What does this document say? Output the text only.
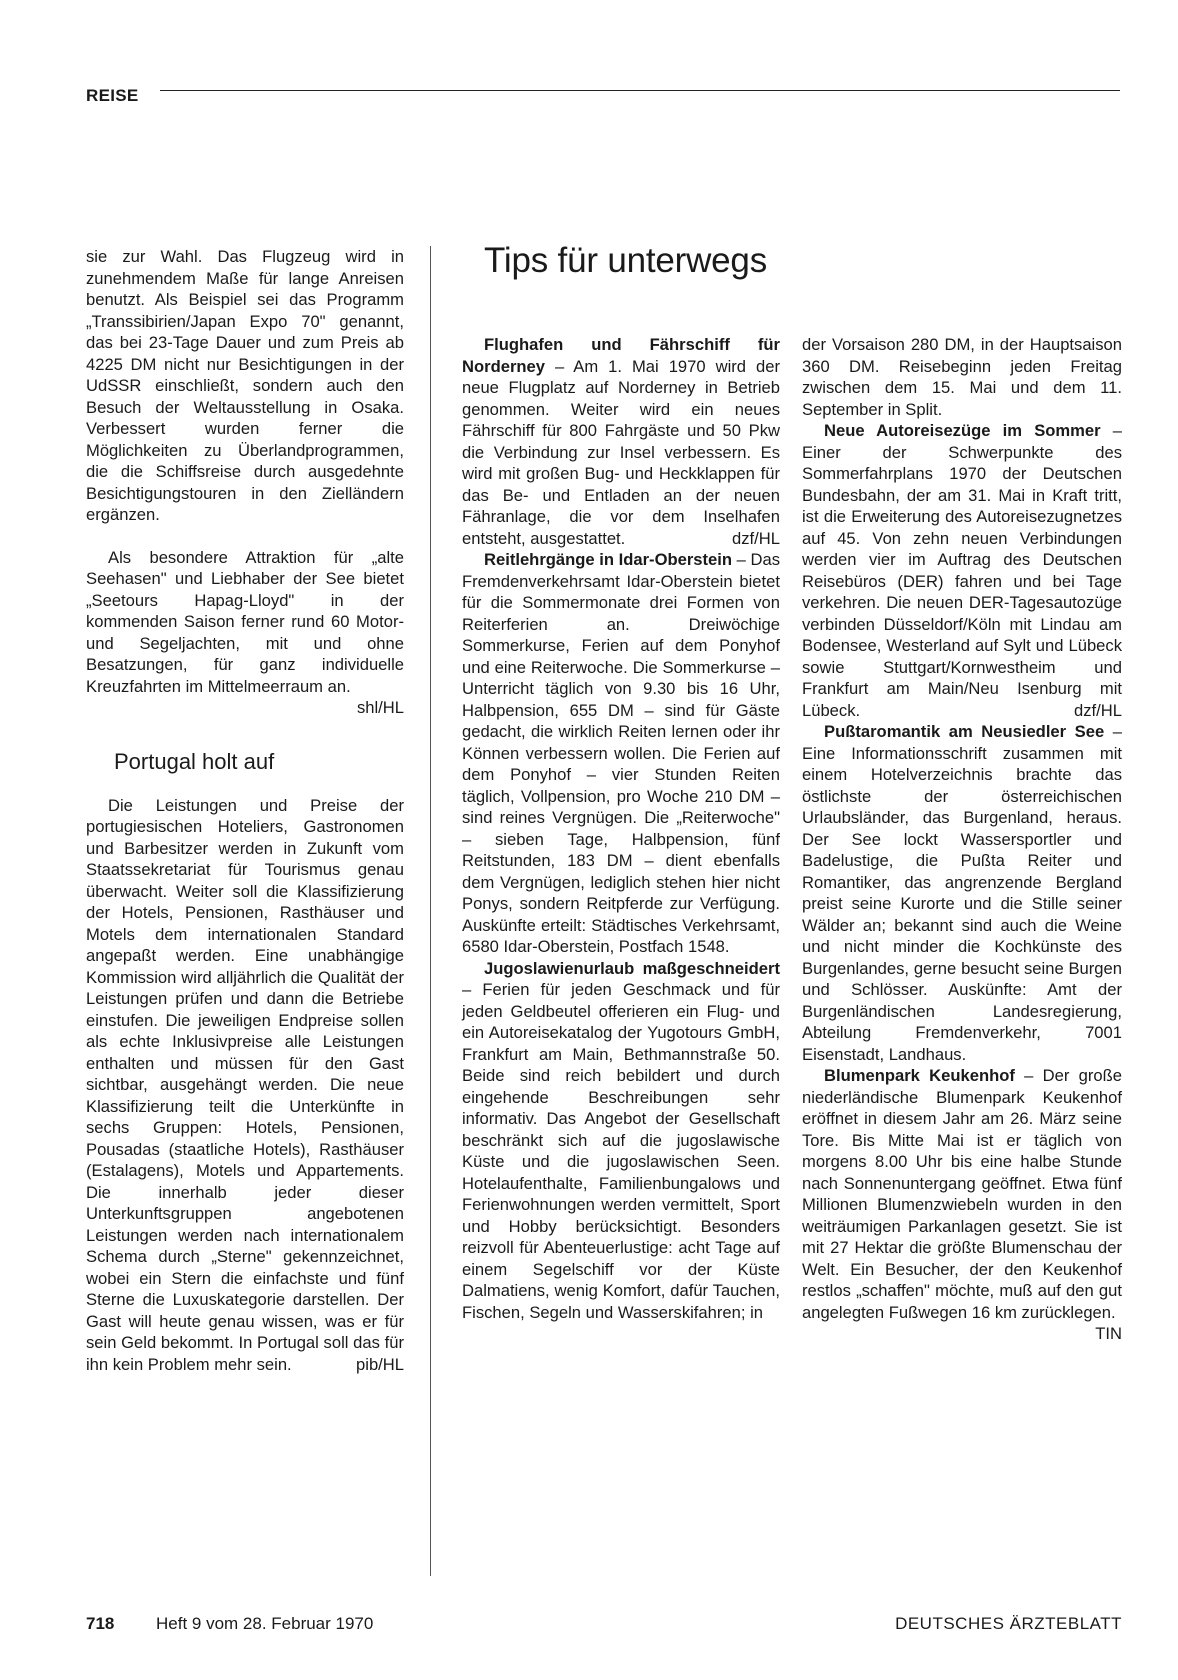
REISE

sie zur Wahl. Das Flugzeug wird in zunehmendem Maße für lange Anreisen benutzt. Als Beispiel sei das Programm „Transsibirien/Japan Expo 70" genannt, das bei 23-Tage Dauer und zum Preis ab 4225 DM nicht nur Besichtigungen in der UdSSR einschließt, sondern auch den Besuch der Weltausstellung in Osaka. Verbessert wurden ferner die Möglichkeiten zu Überlandprogrammen, die die Schiffsreise durch ausgedehnte Besichtigungstouren in den Zielländern ergänzen.

Als besondere Attraktion für „alte Seehasen" und Liebhaber der See bietet „Seetours Hapag-Lloyd" in der kommenden Saison ferner rund 60 Motor- und Segeljachten, mit und ohne Besatzungen, für ganz individuelle Kreuzfahrten im Mittelmeerraum an.
shl/HL

Portugal holt auf

Die Leistungen und Preise der portugiesischen Hoteliers, Gastronomen und Barbesitzer werden in Zukunft vom Staatssekretariat für Tourismus genau überwacht. Weiter soll die Klassifizierung der Hotels, Pensionen, Rasthäuser und Motels dem internationalen Standard angepaßt werden. Eine unabhängige Kommission wird alljährlich die Qualität der Leistungen prüfen und dann die Betriebe einstufen. Die jeweiligen Endpreise sollen als echte Inklusivpreise alle Leistungen enthalten und müssen für den Gast sichtbar, ausgehängt werden. Die neue Klassifizierung teilt die Unterkünfte in sechs Gruppen: Hotels, Pensionen, Pousadas (staatliche Hotels), Rasthäuser (Estalagens), Motels und Appartements. Die innerhalb jeder dieser Unterkunftsgruppen angebotenen Leistungen werden nach internationalem Schema durch „Sterne" gekennzeichnet, wobei ein Stern die einfachste und fünf Sterne die Luxuskategorie darstellen. Der Gast will heute genau wissen, was er für sein Geld bekommt. In Portugal soll das für ihn kein Problem mehr sein.	pib/HL

Tips für unterwegs

Flughafen und Fährschiff für Norderney – Am 1. Mai 1970 wird der neue Flugplatz auf Norderney in Betrieb genommen. Weiter wird ein neues Fährschiff für 800 Fahrgäste und 50 Pkw die Verbindung zur Insel verbessern. Es wird mit großen Bug- und Heckklappen für das Be- und Entladen an der neuen Fähranlage, die vor dem Inselhafen entsteht, ausgestattet.	dzf/HL

Reitlehrgänge in Idar-Oberstein – Das Fremdenverkehrsamt Idar-Oberstein bietet für die Sommermonate drei Formen von Reiterferien an. Dreiwöchige Sommerkurse, Ferien auf dem Ponyhof und eine Reiterwoche. Die Sommerkurse – Unterricht täglich von 9.30 bis 16 Uhr, Halbpension, 655 DM – sind für Gäste gedacht, die wirklich Reiten lernen oder ihr Können verbessern wollen. Die Ferien auf dem Ponyhof – vier Stunden Reiten täglich, Vollpension, pro Woche 210 DM – sind reines Vergnügen. Die „Reiterwoche" – sieben Tage, Halbpension, fünf Reitstunden, 183 DM – dient ebenfalls dem Vergnügen, lediglich stehen hier nicht Ponys, sondern Reitpferde zur Verfügung. Auskünfte erteilt: Städtisches Verkehrsamt, 6580 Idar-Oberstein, Postfach 1548.

Jugoslawienurlaub maßgeschneidert – Ferien für jeden Geschmack und für jeden Geldbeutel offerieren ein Flug- und ein Autoreisekatalog der Yugotours GmbH, Frankfurt am Main, Bethmannstraße 50. Beide sind reich bebildert und durch eingehende Beschreibungen sehr informativ. Das Angebot der Gesellschaft beschränkt sich auf die jugoslawische Küste und die jugoslawischen Seen. Hotelaufenthalte, Familienbungalows und Ferienwohnungen werden vermittelt, Sport und Hobby berücksichtigt. Besonders reizvoll für Abenteuerlustige: acht Tage auf einem Segelschiff vor der Küste Dalmatiens, wenig Komfort, dafür Tauchen, Fischen, Segeln und Wasserskifahren; in

der Vorsaison 280 DM, in der Hauptsaison 360 DM. Reisebeginn jeden Freitag zwischen dem 15. Mai und dem 11. September in Split.

Neue Autoreisezüge im Sommer – Einer der Schwerpunkte des Sommerfahrplans 1970 der Deutschen Bundesbahn, der am 31. Mai in Kraft tritt, ist die Erweiterung des Autoreisezugnetzes auf 45. Von zehn neuen Verbindungen werden vier im Auftrag des Deutschen Reisebüros (DER) fahren und bei Tage verkehren. Die neuen DER-Tagesautozüge verbinden Düsseldorf/Köln mit Lindau am Bodensee, Westerland auf Sylt und Lübeck sowie Stuttgart/Kornwestheim und Frankfurt am Main/Neu Isenburg mit Lübeck.	dzf/HL

Pußtaromantik am Neusiedler See – Eine Informationsschrift zusammen mit einem Hotelverzeichnis brachte das östlichste der österreichischen Urlaubsländer, das Burgenland, heraus. Der See lockt Wassersportler und Badelustige, die Pußta Reiter und Romantiker, das angrenzende Bergland preist seine Kurorte und die Stille seiner Wälder an; bekannt sind auch die Weine und nicht minder die Kochkünste des Burgenlandes, gerne besucht seine Burgen und Schlösser. Auskünfte: Amt der Burgenländischen Landesregierung, Abteilung Fremdenverkehr, 7001 Eisenstadt, Landhaus.

Blumenpark Keukenhof – Der große niederländische Blumenpark Keukenhof eröffnet in diesem Jahr am 26. März seine Tore. Bis Mitte Mai ist er täglich von morgens 8.00 Uhr bis eine halbe Stunde nach Sonnenuntergang geöffnet. Etwa fünf Millionen Blumenzwiebeln wurden in den weiträumigen Parkanlagen gesetzt. Sie ist mit 27 Hektar die größte Blumenschau der Welt. Ein Besucher, der den Keukenhof restlos „schaffen" möchte, muß auf den gut angelegten Fußwegen 16 km zurücklegen.
TIN

718 Heft 9 vom 28. Februar 1970	DEUTSCHES ÄRZTEBLATT
